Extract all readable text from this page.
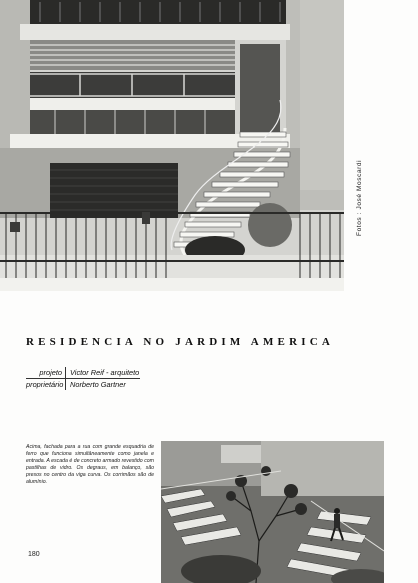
Fotos : José Moscardi
RESIDENCIA NO JARDIM AMERICA
projeto	Victor Reif - arquiteto
proprietário Norberto Gartner
Acima, fachada para a rua com grande esquadria de ferro que funciona simultâneamente como janela e entrada. A escada é de concreto armado revestido com pastilhas de vidro. Os degraus, em balanço, são presos no centro da viga curva. Os corrimãos são de alumínio.
180
